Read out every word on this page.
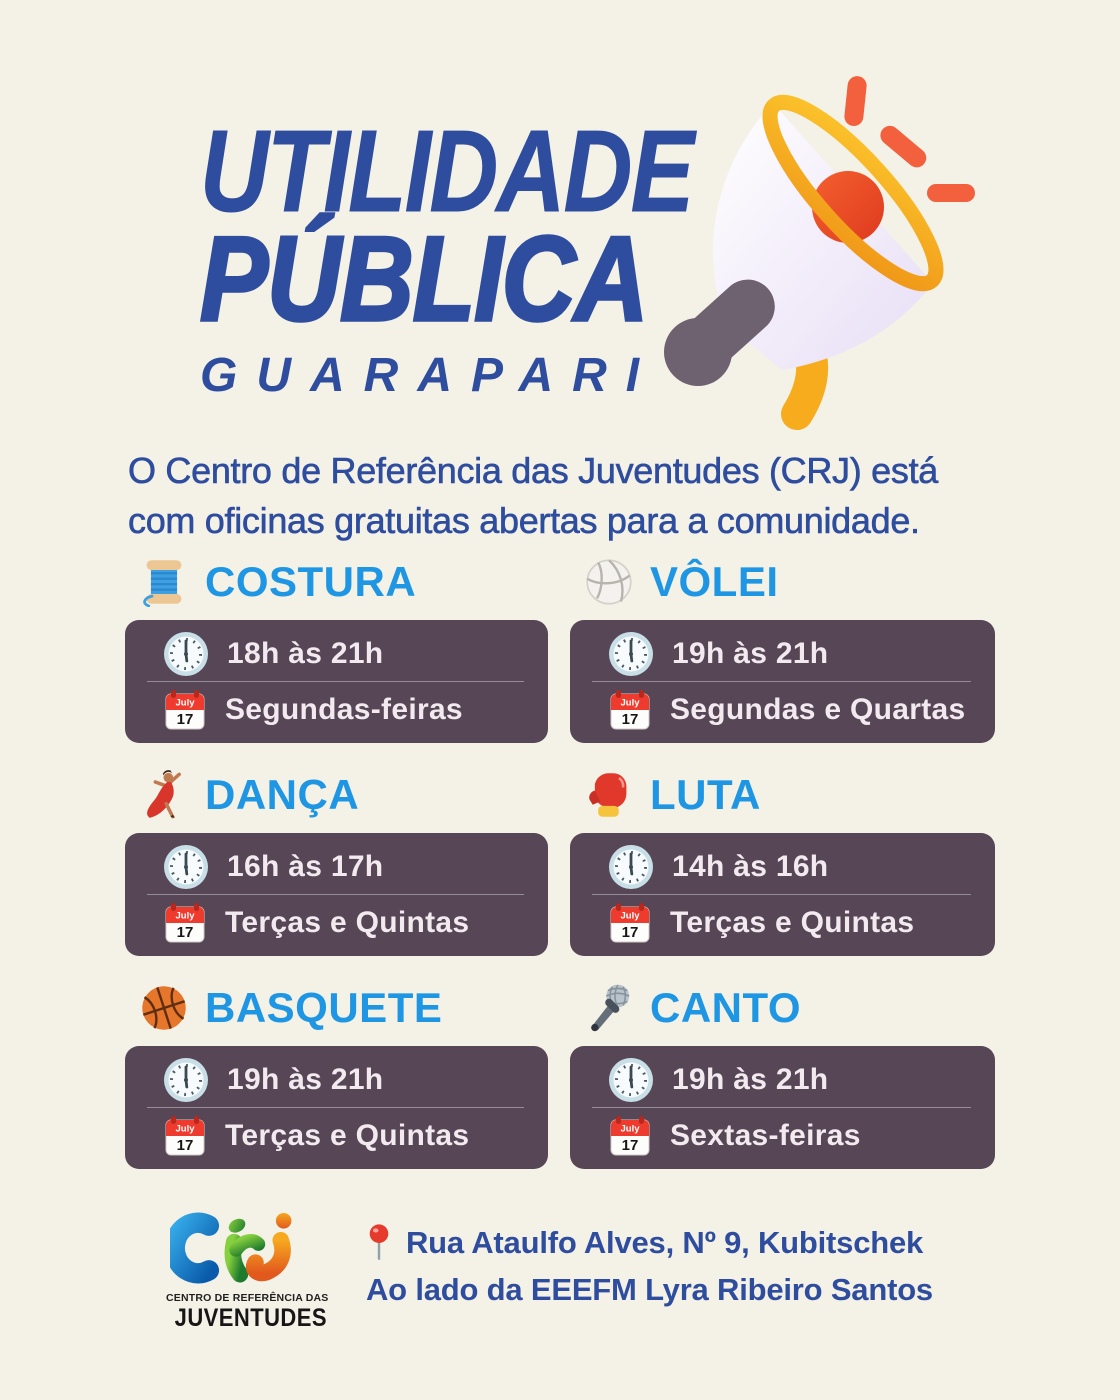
UTILIDADE
PÚBLICA
GUARAPARI
O Centro de Referência das Juventudes (CRJ) está
com oficinas gratuitas abertas para a comunidade.
COSTURA
18h às 21h
July
17 Segundas-feiras
VÔLEI
19h às 21h
July
17 Segundas e Quartas
DANÇA
16h às 17h
July
17 Terças e Quintas
LUTA
14h às 16h
July
17 Terças e Quintas
BASQUETE
19h às 21h
July
17 Terças e Quintas
CANTO
19h às 21h
July
17 Sextas-feiras
CENTRO DE REFERÊNCIA DAS
JUVENTUDES
Rua Ataulfo Alves, Nº 9, Kubitschek
Ao lado da EEEFM Lyra Ribeiro Santos
